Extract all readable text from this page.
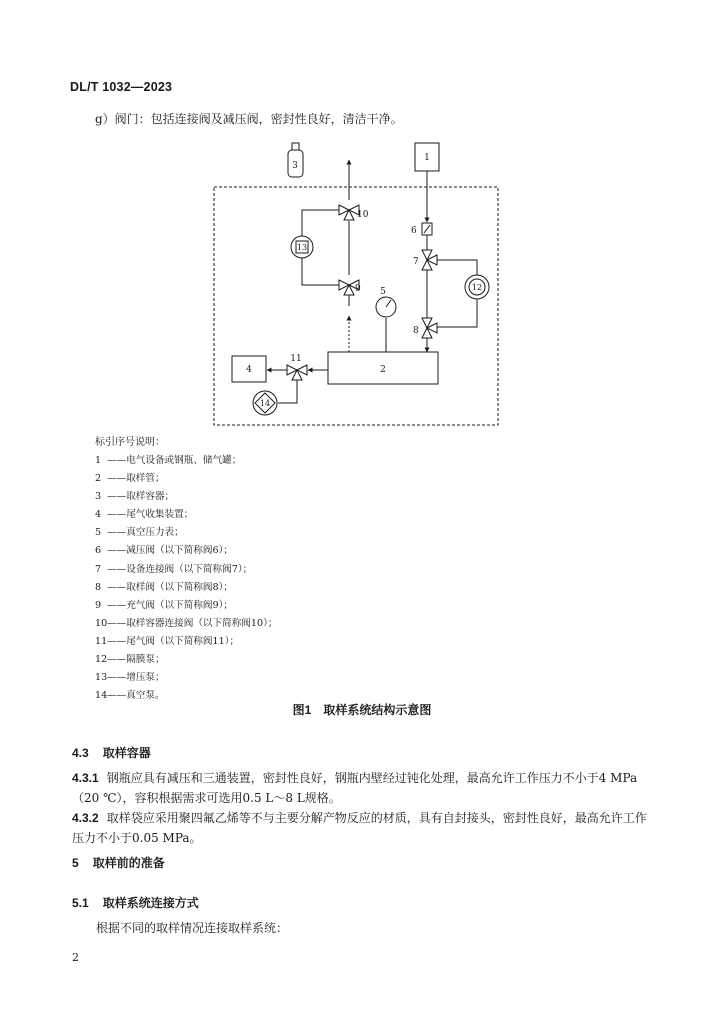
DL/T 1032—2023
g）阀门：包括连接阀及减压阀，密封性良好，清洁干净。
3
1
10
13
9
6
7
12
5
8
2
4
11
14
标引序号说明：
1 ——电气设备或钢瓶、储气罐；
2 ——取样管；
3 ——取样容器；
4 ——尾气收集装置；
5 ——真空压力表；
6 ——减压阀（以下简称阀6）；
7 ——设备连接阀（以下简称阀7）；
8 ——取样阀（以下简称阀8）；
9 ——充气阀（以下简称阀9）；
10——取样容器连接阀（以下简称阀10）；
11——尾气阀（以下简称阀11）；
12——隔膜泵；
13——增压泵；
14——真空泵。
图1　取样系统结构示意图
4.3 取样容器
4.3.1 钢瓶应具有减压和三通装置，密封性良好，钢瓶内壁经过钝化处理，最高允许工作压力不小于4 MPa（20 ℃），容积根据需求可选用0.5 L～8 L规格。
4.3.2 取样袋应采用聚四氟乙烯等不与主要分解产物反应的材质，具有自封接头，密封性良好，最高允许工作压力不小于0.05 MPa。
5 取样前的准备
5.1 取样系统连接方式
根据不同的取样情况连接取样系统：
2
